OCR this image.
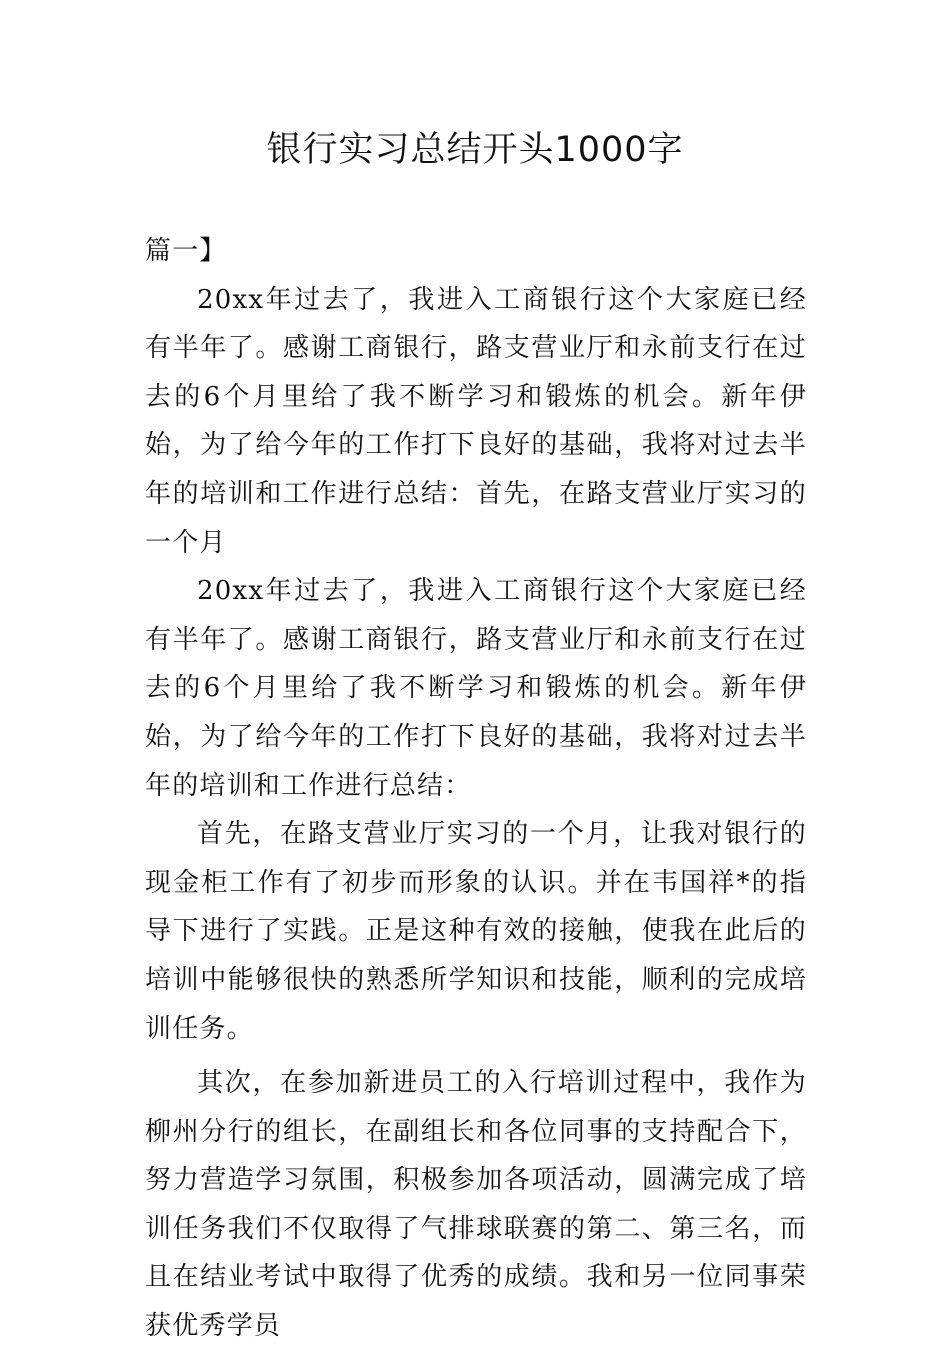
银行实习总结开头1000字

篇一】

20xx年过去了，我进入工商银行这个大家庭已经有半年了。感谢工商银行，路支营业厅和永前支行在过去的6个月里给了我不断学习和锻炼的机会。新年伊始，为了给今年的工作打下良好的基础，我将对过去半年的培训和工作进行总结：首先，在路支营业厅实习的一个月

20xx年过去了，我进入工商银行这个大家庭已经有半年了。感谢工商银行，路支营业厅和永前支行在过去的6个月里给了我不断学习和锻炼的机会。新年伊始，为了给今年的工作打下良好的基础，我将对过去半年的培训和工作进行总结：

首先，在路支营业厅实习的一个月，让我对银行的现金柜工作有了初步而形象的认识。并在韦国祥*的指导下进行了实践。正是这种有效的接触，使我在此后的培训中能够很快的熟悉所学知识和技能，顺利的完成培训任务。

其次，在参加新进员工的入行培训过程中，我作为柳州分行的组长，在副组长和各位同事的支持配合下，努力营造学习氛围，积极参加各项活动，圆满完成了培训任务我们不仅取得了气排球联赛的第二、第三名，而且在结业考试中取得了优秀的成绩。我和另一位同事荣获优秀学员
